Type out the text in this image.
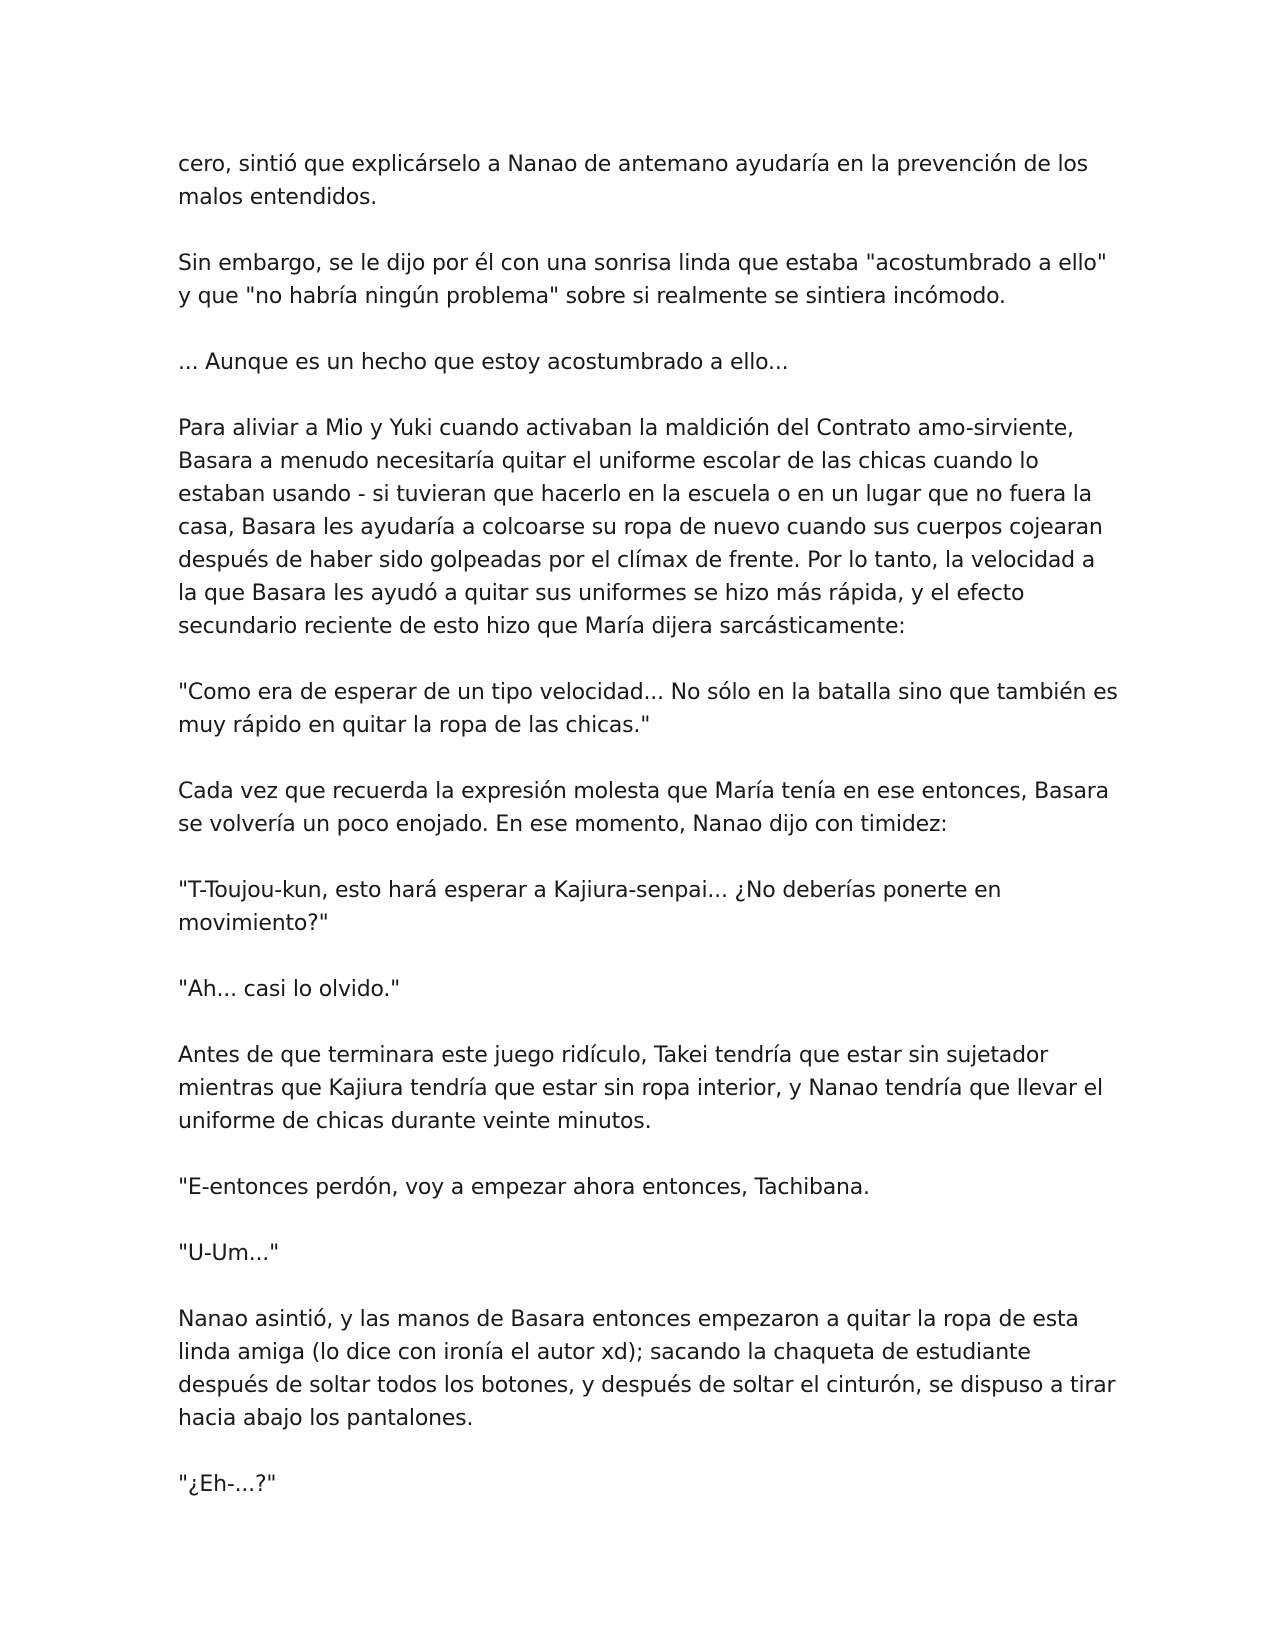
cero, sintió que explicárselo a Nanao de antemano ayudaría en la prevención de los malos entendidos.

Sin embargo, se le dijo por él con una sonrisa linda que estaba "acostumbrado a ello" y que "no habría ningún problema" sobre si realmente se sintiera incómodo.

... Aunque es un hecho que estoy acostumbrado a ello...

Para aliviar a Mio y Yuki cuando activaban la maldición del Contrato amo-sirviente, Basara a menudo necesitaría quitar el uniforme escolar de las chicas cuando lo estaban usando - si tuvieran que hacerlo en la escuela o en un lugar que no fuera la casa, Basara les ayudaría a colcoarse su ropa de nuevo cuando sus cuerpos cojearan después de haber sido golpeadas por el clímax de frente. Por lo tanto, la velocidad a la que Basara les ayudó a quitar sus uniformes se hizo más rápida, y el efecto secundario reciente de esto hizo que María dijera sarcásticamente:

"Como era de esperar de un tipo velocidad... No sólo en la batalla sino que también es muy rápido en quitar la ropa de las chicas."

Cada vez que recuerda la expresión molesta que María tenía en ese entonces, Basara se volvería un poco enojado. En ese momento, Nanao dijo con timidez:

"T-Toujou-kun, esto hará esperar a Kajiura-senpai... ¿No deberías ponerte en movimiento?"

"Ah... casi lo olvido."

Antes de que terminara este juego ridículo, Takei tendría que estar sin sujetador mientras que Kajiura tendría que estar sin ropa interior, y Nanao tendría que llevar el uniforme de chicas durante veinte minutos.

"E-entonces perdón, voy a empezar ahora entonces, Tachibana.

"U-Um..."

Nanao asintió, y las manos de Basara entonces empezaron a quitar la ropa de esta linda amiga (lo dice con ironía el autor xd); sacando la chaqueta de estudiante después de soltar todos los botones, y después de soltar el cinturón, se dispuso a tirar hacia abajo los pantalones.

"¿Eh-...?"
